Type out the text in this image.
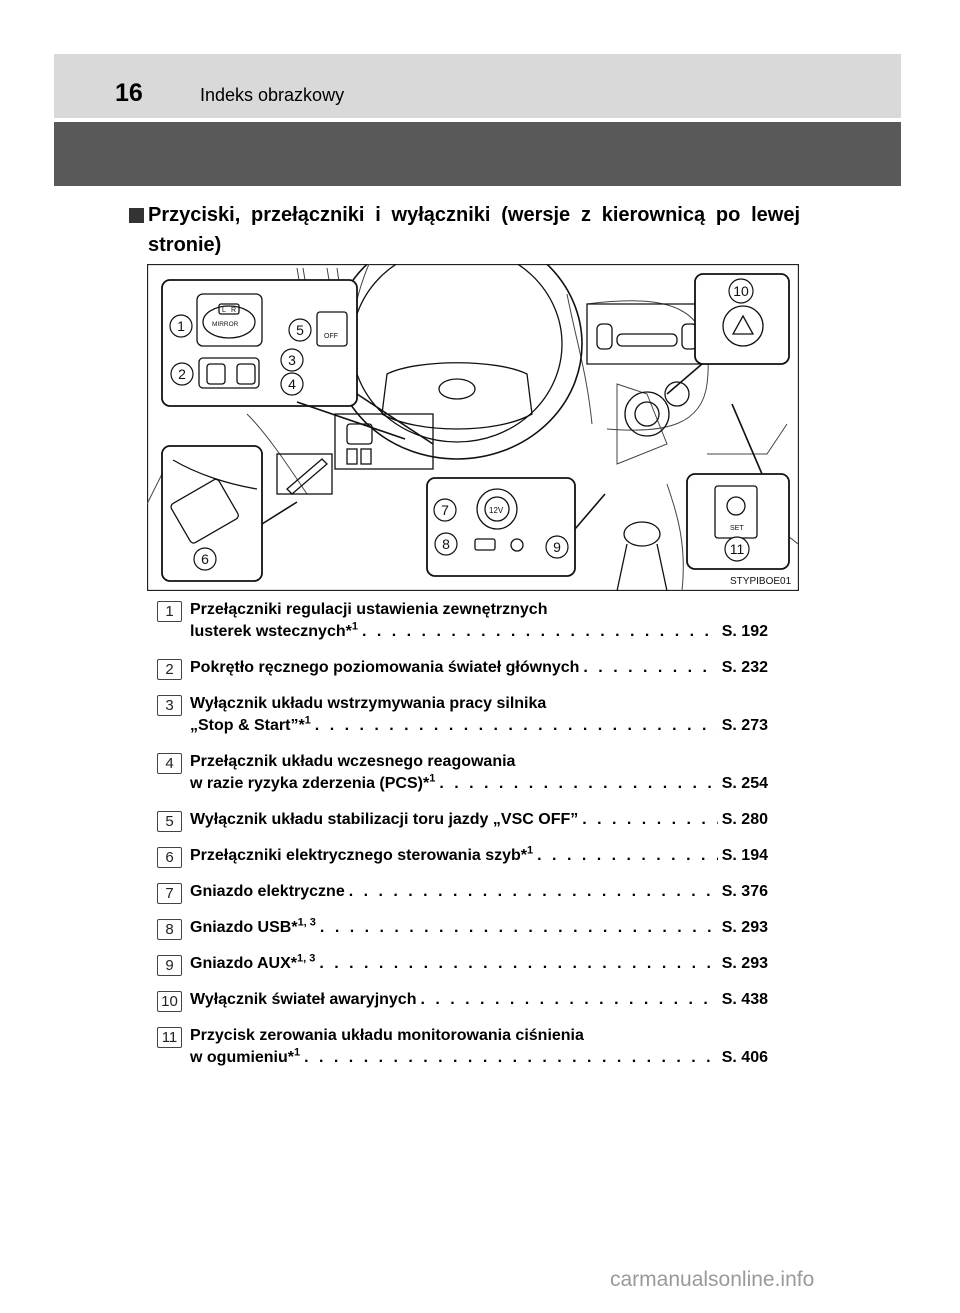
16	Indeks obrazkowy
Przyciski, przełączniki i wyłączniki (wersje z kierownicą po lewej stronie)
L R
MIRROR
OFF
12V
SET
1
2
3
4
5
6
7
8	9
10
11
STYPIBOE01
1	Przełączniki regulacji ustawienia zewnętrznych
lusterek wstecznych*$^1$ . . .	S. 192
2	Pokrętło ręcznego poziomowania świateł głównych . . .	S. 232
3	Wyłącznik układu wstrzymywania pracy silnika
„Stop & Start”*$^1$ . . .	S. 273
4	Przełącznik układu wczesnego reagowania
w razie ryzyka zderzenia (PCS)*$^1$ . . .	S. 254
5	Wyłącznik układu stabilizacji toru jazdy „VSC OFF” . . .	S. 280
6	Przełączniki elektrycznego sterowania szyb*$^1$ . . .	S. 194
7	Gniazdo elektryczne . . .	S. 376
8	Gniazdo USB*$^{1, 3}$ . . .	S. 293
9	Gniazdo AUX*$^{1, 3}$ . . .	S. 293
10 Wyłącznik świateł awaryjnych . . .	S. 438
11 Przycisk zerowania układu monitorowania ciśnienia
w ogumieniu*$^1$ . . .	S. 406
carmanualsonline.info
